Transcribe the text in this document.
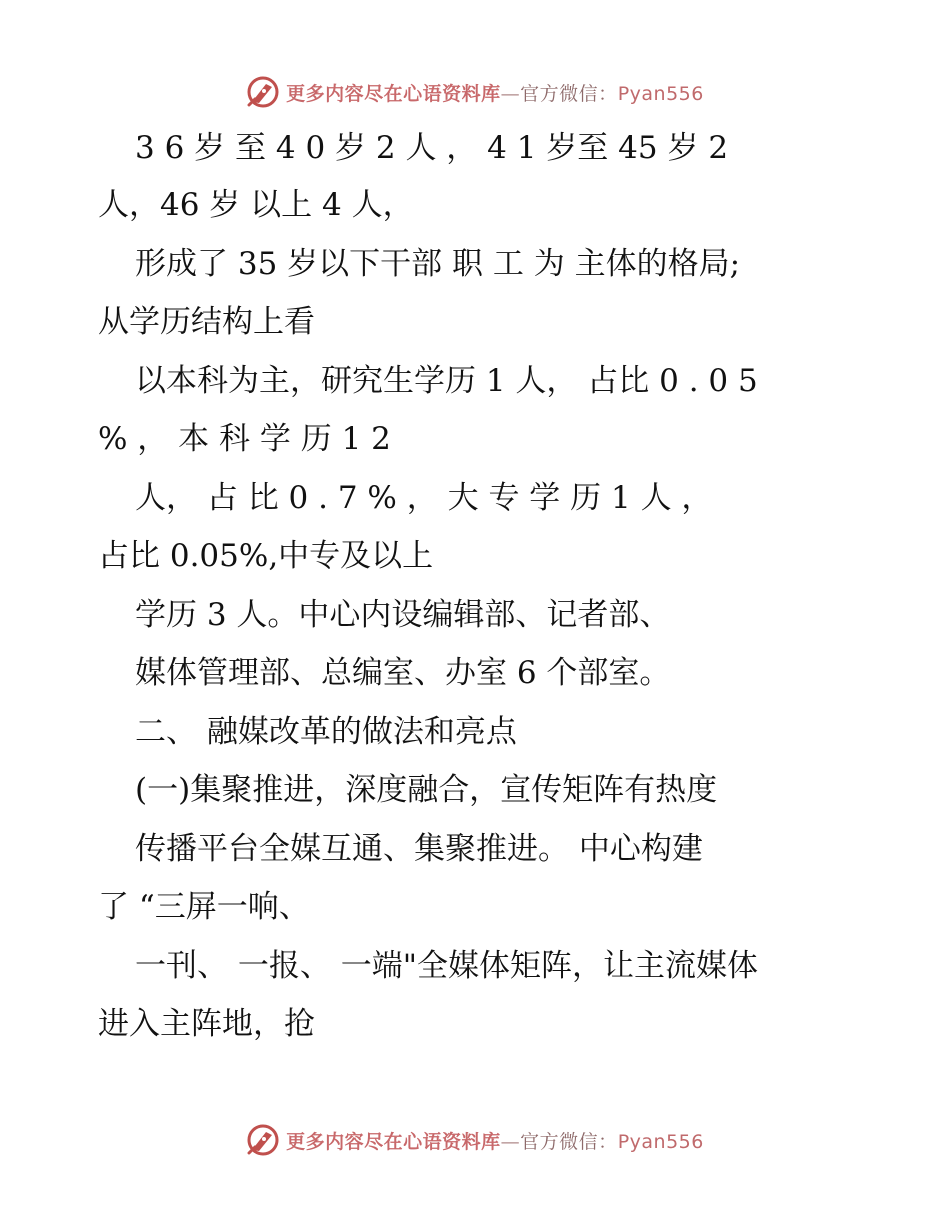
更多内容尽在心语资料库—官方微信：Pyan556
3 6 岁 至 4 0 岁 2 人 ， 4 1 岁至 45 岁 2
人，46 岁 以上 4 人，
形成了 35 岁以下干部 职 工 为 主体的格局;
从学历结构上看
以本科为主，研究生学历 1 人， 占比 0 . 0 5
% ， 本 科 学 历 1 2
人， 占 比 0 . 7 % ， 大 专 学 历 1 人 ，
占比 0.05%,中专及以上
学历 3 人。中心内设编辑部、记者部、
媒体管理部、总编室、办室 6 个部室。
二、 融媒改革的做法和亮点
(一)集聚推进，深度融合，宣传矩阵有热度
传播平台全媒互通、集聚推进。 中心构建
了 “三屏一响、
一刊、 一报、 一端"全媒体矩阵，让主流媒体
进入主阵地，抢
更多内容尽在心语资料库—官方微信：Pyan556
